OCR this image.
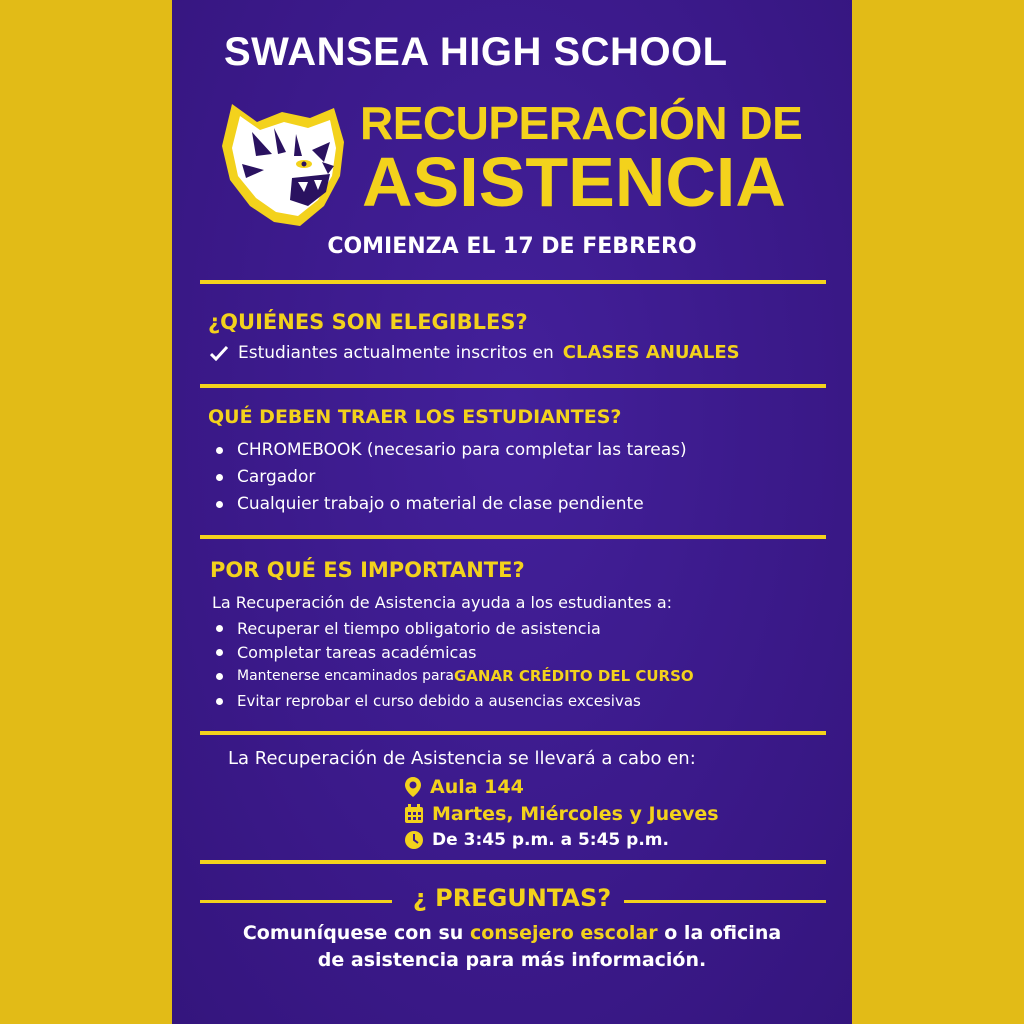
SWANSEA HIGH SCHOOL
RECUPERACIÓN DE
ASISTENCIA
COMIENZA EL 17 DE FEBRERO
¿QUIÉNES SON ELEGIBLES?
Estudiantes actualmente inscritos en CLASES ANUALES
QUÉ DEBEN TRAER LOS ESTUDIANTES?
CHROMEBOOK (necesario para completar las tareas)
Cargador
Cualquier trabajo o material de clase pendiente
POR QUÉ ES IMPORTANTE?
La Recuperación de Asistencia ayuda a los estudiantes a:
Recuperar el tiempo obligatorio de asistencia
Completar tareas académicas
Mantenerse encaminados para GANAR CRÉDITO DEL CURSO
Evitar reprobar el curso debido a ausencias excesivas
La Recuperación de Asistencia se llevará a cabo en:
Aula 144
Martes, Miércoles y Jueves
De 3:45 p.m. a 5:45 p.m.
¿ PREGUNTAS?
Comuníquese con su consejero escolar o la oficina
de asistencia para más información.
